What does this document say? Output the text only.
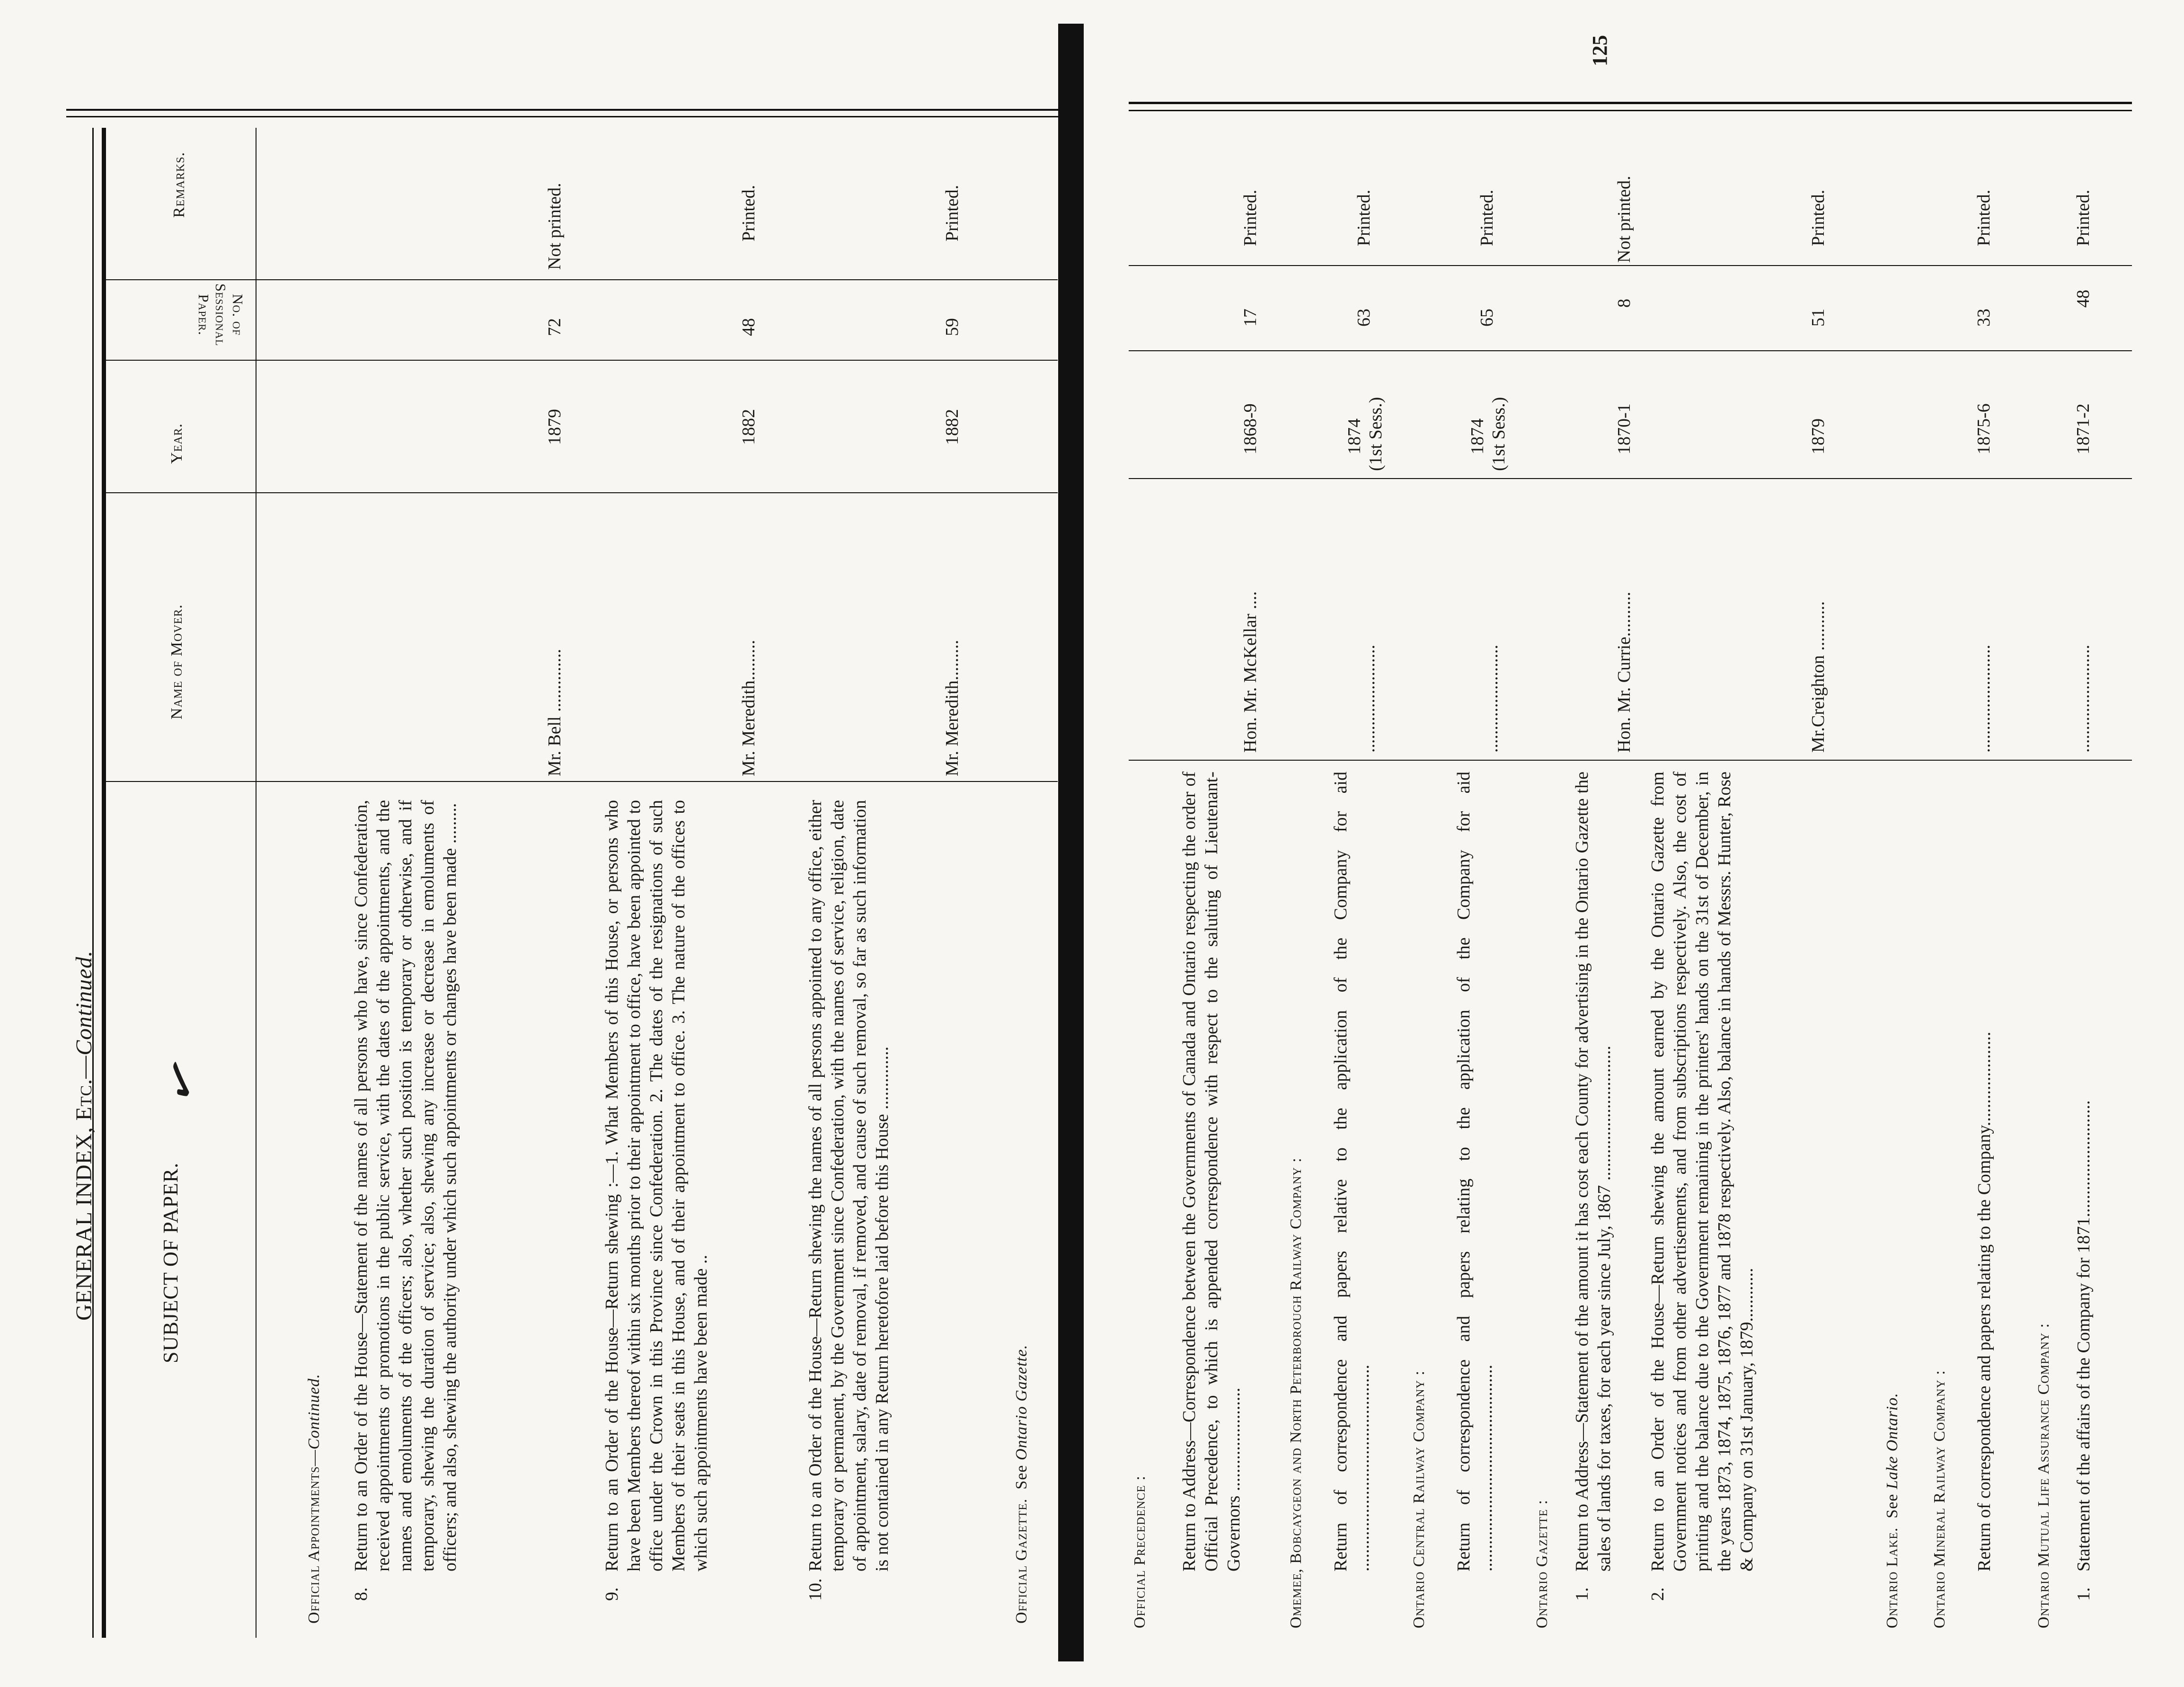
GENERAL INDEX, Etc.—Continued.
SUBJECT OF PAPER.
✓
Name of Mover.
Year.
No. of Sessional Paper.
Remarks.
Official Appointments—Continued.
8.
Return to an Order of the House—Statement of the names of all persons who have, since Confederation, received appointments or promotions in the public service, with the dates of the appointments, and the names and emoluments of the officers; also, whether such position is temporary or otherwise, and if temporary, shewing the duration of service; also, shewing any increase or decrease in emoluments of officers; and also, shewing the authority under which such appointments or changes have been made .........
Mr. Bell ..............
1879
72
Not printed.
9.
Return to an Order of the House—Return shewing :—1. What Members of this House, or persons who have been Members thereof within six months prior to their appointment to office, have been appointed to office under the Crown in this Province since Confederation. 2. The dates of the resignations of such Members of their seats in this House, and of their appointment to office. 3. The nature of the offices to which such appointments have been made ..
Mr. Meredith.........
1882
48
Printed.
10.
Return to an Order of the House—Return shewing the names of all persons appointed to any office, either temporary or permanent, by the Government since Confederation, with the names of service, religion, date of appointment, salary, date of removal, if removed, and cause of such removal, so far as such information is not contained in any Return heretofore laid before this House ..............
Mr. Meredith.........
1882
59
Printed.
Official Gazette.  See Ontario Gazette.
125
Official Precedence : Return to Address—Correspondence between the Governments of Canada and Ontario respecting the order of Official Precedence, to which is appended correspondence with respect to the saluting of Lieutenant-Governors .......................
Hon. Mr. McKellar ....
1868-9
17
Printed.
Omemee, Bobcaygeon and North Peterborough Railway Company : Return of correspondence and papers relative to the application of the Company for aid ..............................................
........................
1874 (1st Sess.)
63
Printed.
Ontario Central Railway Company : Return of correspondence and papers relating to the application of the Company for aid ..............................................
........................
1874 (1st Sess.)
65
Printed.
Ontario Gazette : 1.
Return to Address—Statement of the amount it has cost each County for advertising in the Ontario Gazette the sales of lands for taxes, for each year since July, 1867 ..............................
Hon. Mr. Currie..........
1870-1
8
Not printed.
2.
Return to an Order of the House—Return shewing the amount earned by the Ontario Gazette from Government notices and from other advertisements, and from subscriptions respectively. Also, the cost of printing and the balance due to the Government remaining in the printers' hands on the 31st of December, in the years 1873, 1874, 1875, 1876, 1877 and 1878 respectively. Also, balance in hands of Messrs. Hunter, Rose & Company on 31st January, 1879............
Mr.Creighton ...........
1879
51
Printed.
Ontario Lake.  See Lake Ontario. Ontario Mineral Railway Company : Return of correspondence and papers relating to the Company.....................
........................
1875-6
33
Printed.
Ontario Mutual Life Assurance Company : 1.
Statement of the affairs of the Company for 1871..........................
........................
1871-2
48
Printed.
